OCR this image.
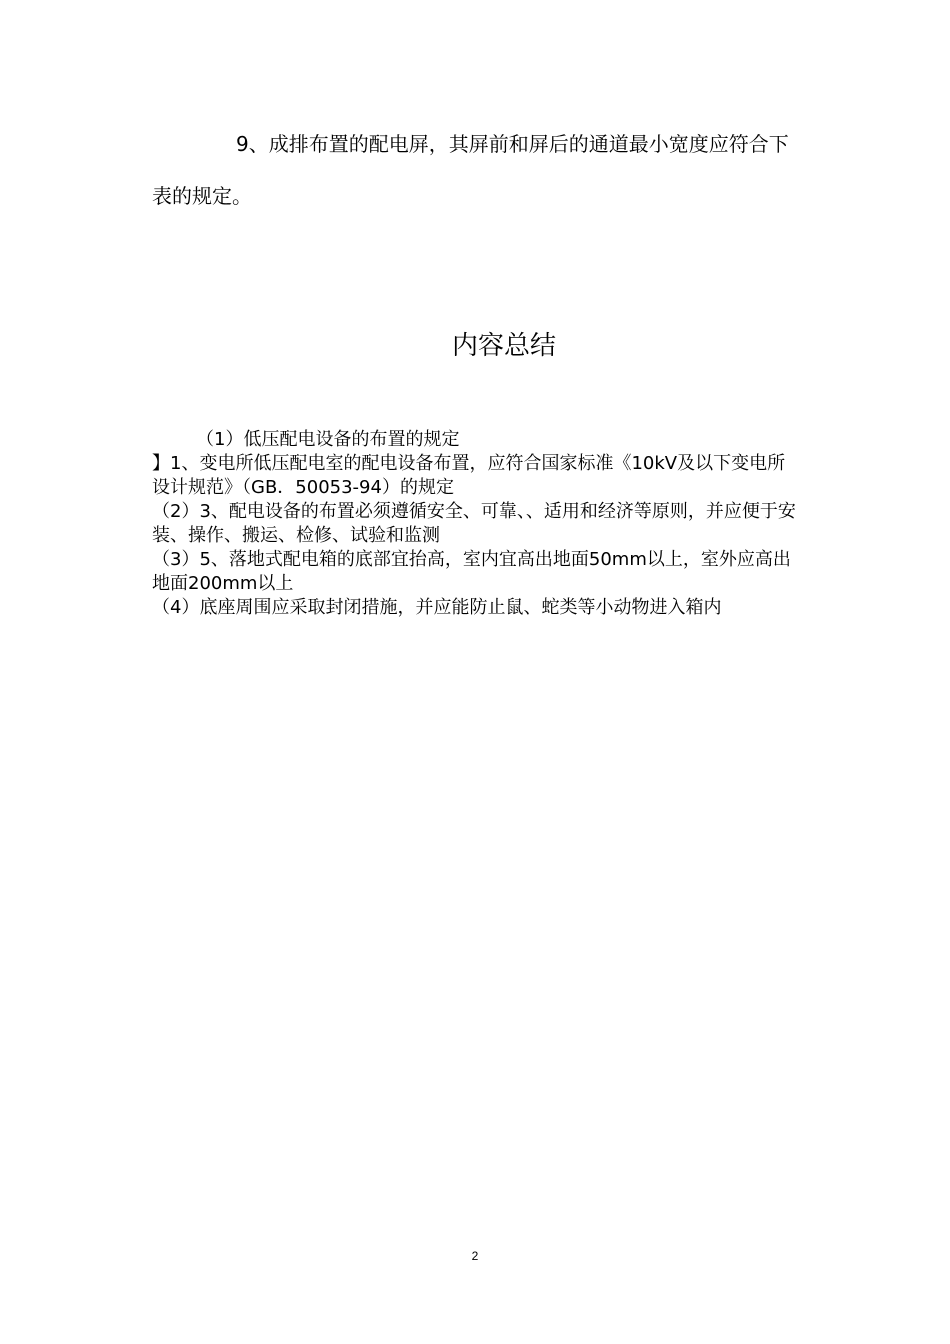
9、成排布置的配电屏，其屏前和屏后的通道最小宽度应符合下表的规定。

内容总结

（1）低压配电设备的布置的规定

】1、变电所低压配电室的配电设备布置，应符合国家标准《10kV及以下变电所设计规范》（GB．50053-94）的规定

（2）3、配电设备的布置必须遵循安全、可靠、、适用和经济等原则，并应便于安装、操作、搬运、检修、试验和监测

（3）5、落地式配电箱的底部宜抬高，室内宜高出地面50mm以上，室外应高出地面200mm以上

（4）底座周围应采取封闭措施，并应能防止鼠、蛇类等小动物进入箱内

2
